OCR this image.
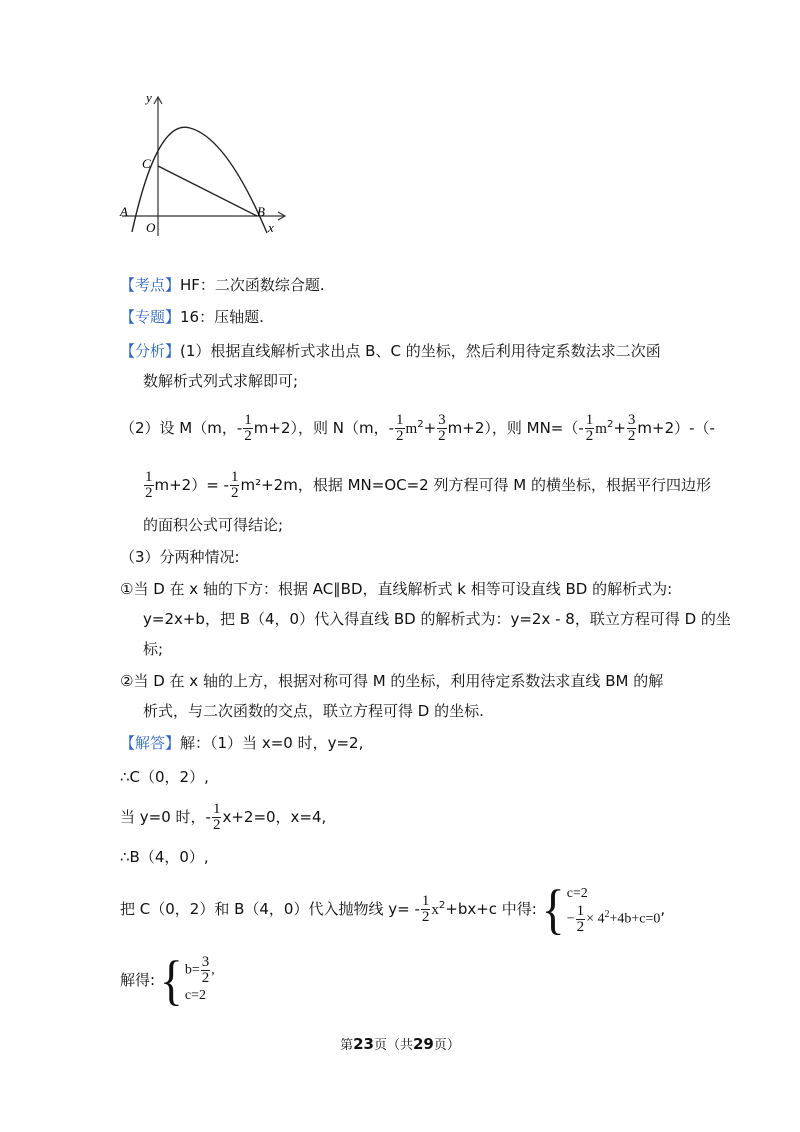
y
x
C
A	B
O
【考点】HF：二次函数综合题.
【专题】16：压轴题.
【分析】(1）根据直线解析式求出点 B、C 的坐标，然后利用待定系数法求二次函
数解析式列式求解即可;
（2）设 M（m，- $\frac{1}{2} m+2$），则 N（m，- $\frac{1}{2} m^2+ \frac{3}{2} m+2$），则 $MN=(- \frac{1}{2} m^2+ \frac{3}{2} m+2)-(-$
$\frac{1}{2} m+2)= - \frac{1}{2} m^2+2m$，根据 MN=OC=2 列方程可得 M 的横坐标，根据平行四边形
的面积公式可得结论;
（3）分两种情况:
①当 D 在 x 轴的下方：根据 AC∥BD，直线解析式 k 相等可设直线 BD 的解析式为:
y=2x+b，把 B（4，0）代入得直线 BD 的解析式为：y=2x - 8，联立方程可得 D 的坐
标;
②当 D 在 x 轴的上方，根据对称可得 M 的坐标，利用待定系数法求直线 BM 的解
析式，与二次函数的交点，联立方程可得 D 的坐标.
【解答】解：（1）当 x=0 时，y=2,
∴C（0，2）,
当 y=0 时，- $\frac{1}{2} x+2=0$，x=4,
∴B（4，0）,
把 C（0，2）和 B（4，0）代入抛物线 $y= - \frac{1}{2} x^2+bx+c$ 中得: { c=2
− $\frac{1}{2} \times 4^2+4b+c=0$
,
解得: { $b= \frac{3}{2}$ ,
c=2
第23页（共29页）
